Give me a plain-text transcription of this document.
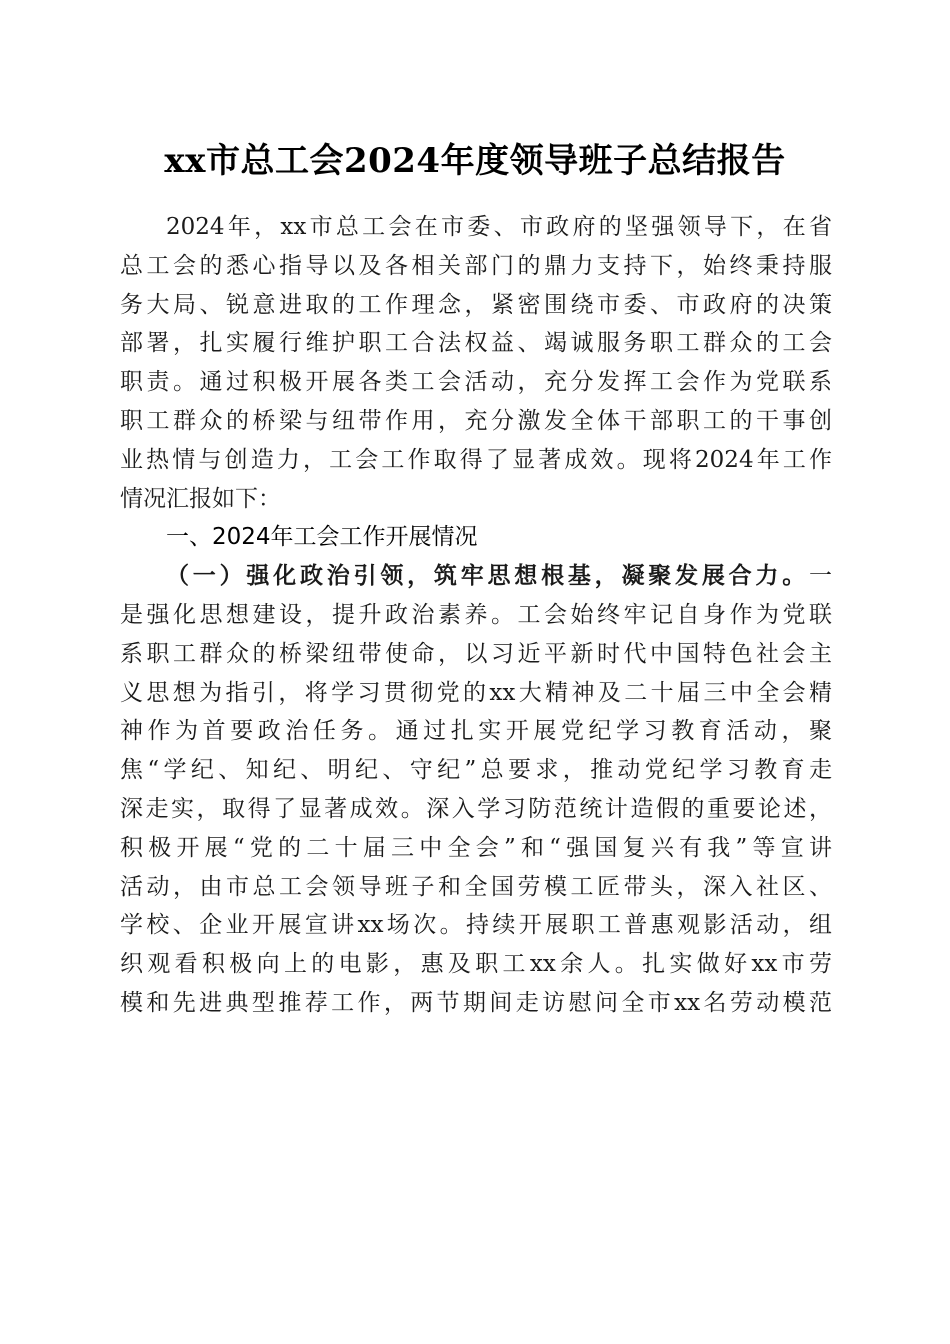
xx市总工会2024年度领导班子总结报告
2024年，xx市总工会在市委、市政府的坚强领导下，在省
总工会的悉心指导以及各相关部门的鼎力支持下，始终秉持服
务大局、锐意进取的工作理念，紧密围绕市委、市政府的决策
部署，扎实履行维护职工合法权益、竭诚服务职工群众的工会
职责。通过积极开展各类工会活动，充分发挥工会作为党联系
职工群众的桥梁与纽带作用，充分激发全体干部职工的干事创
业热情与创造力，工会工作取得了显著成效。现将2024年工作
情况汇报如下：
一、2024年工会工作开展情况
（一）强化政治引领，筑牢思想根基，凝聚发展合力。一
是强化思想建设，提升政治素养。工会始终牢记自身作为党联
系职工群众的桥梁纽带使命，以习近平新时代中国特色社会主
义思想为指引，将学习贯彻党的xx大精神及二十届三中全会精
神作为首要政治任务。通过扎实开展党纪学习教育活动，聚
焦“学纪、知纪、明纪、守纪”总要求，推动党纪学习教育走
深走实，取得了显著成效。深入学习防范统计造假的重要论述，
积极开展“党的二十届三中全会”和“强国复兴有我”等宣讲
活动，由市总工会领导班子和全国劳模工匠带头，深入社区、
学校、企业开展宣讲xx场次。持续开展职工普惠观影活动，组
织观看积极向上的电影，惠及职工xx余人。扎实做好xx市劳
模和先进典型推荐工作，两节期间走访慰问全市xx名劳动模范
